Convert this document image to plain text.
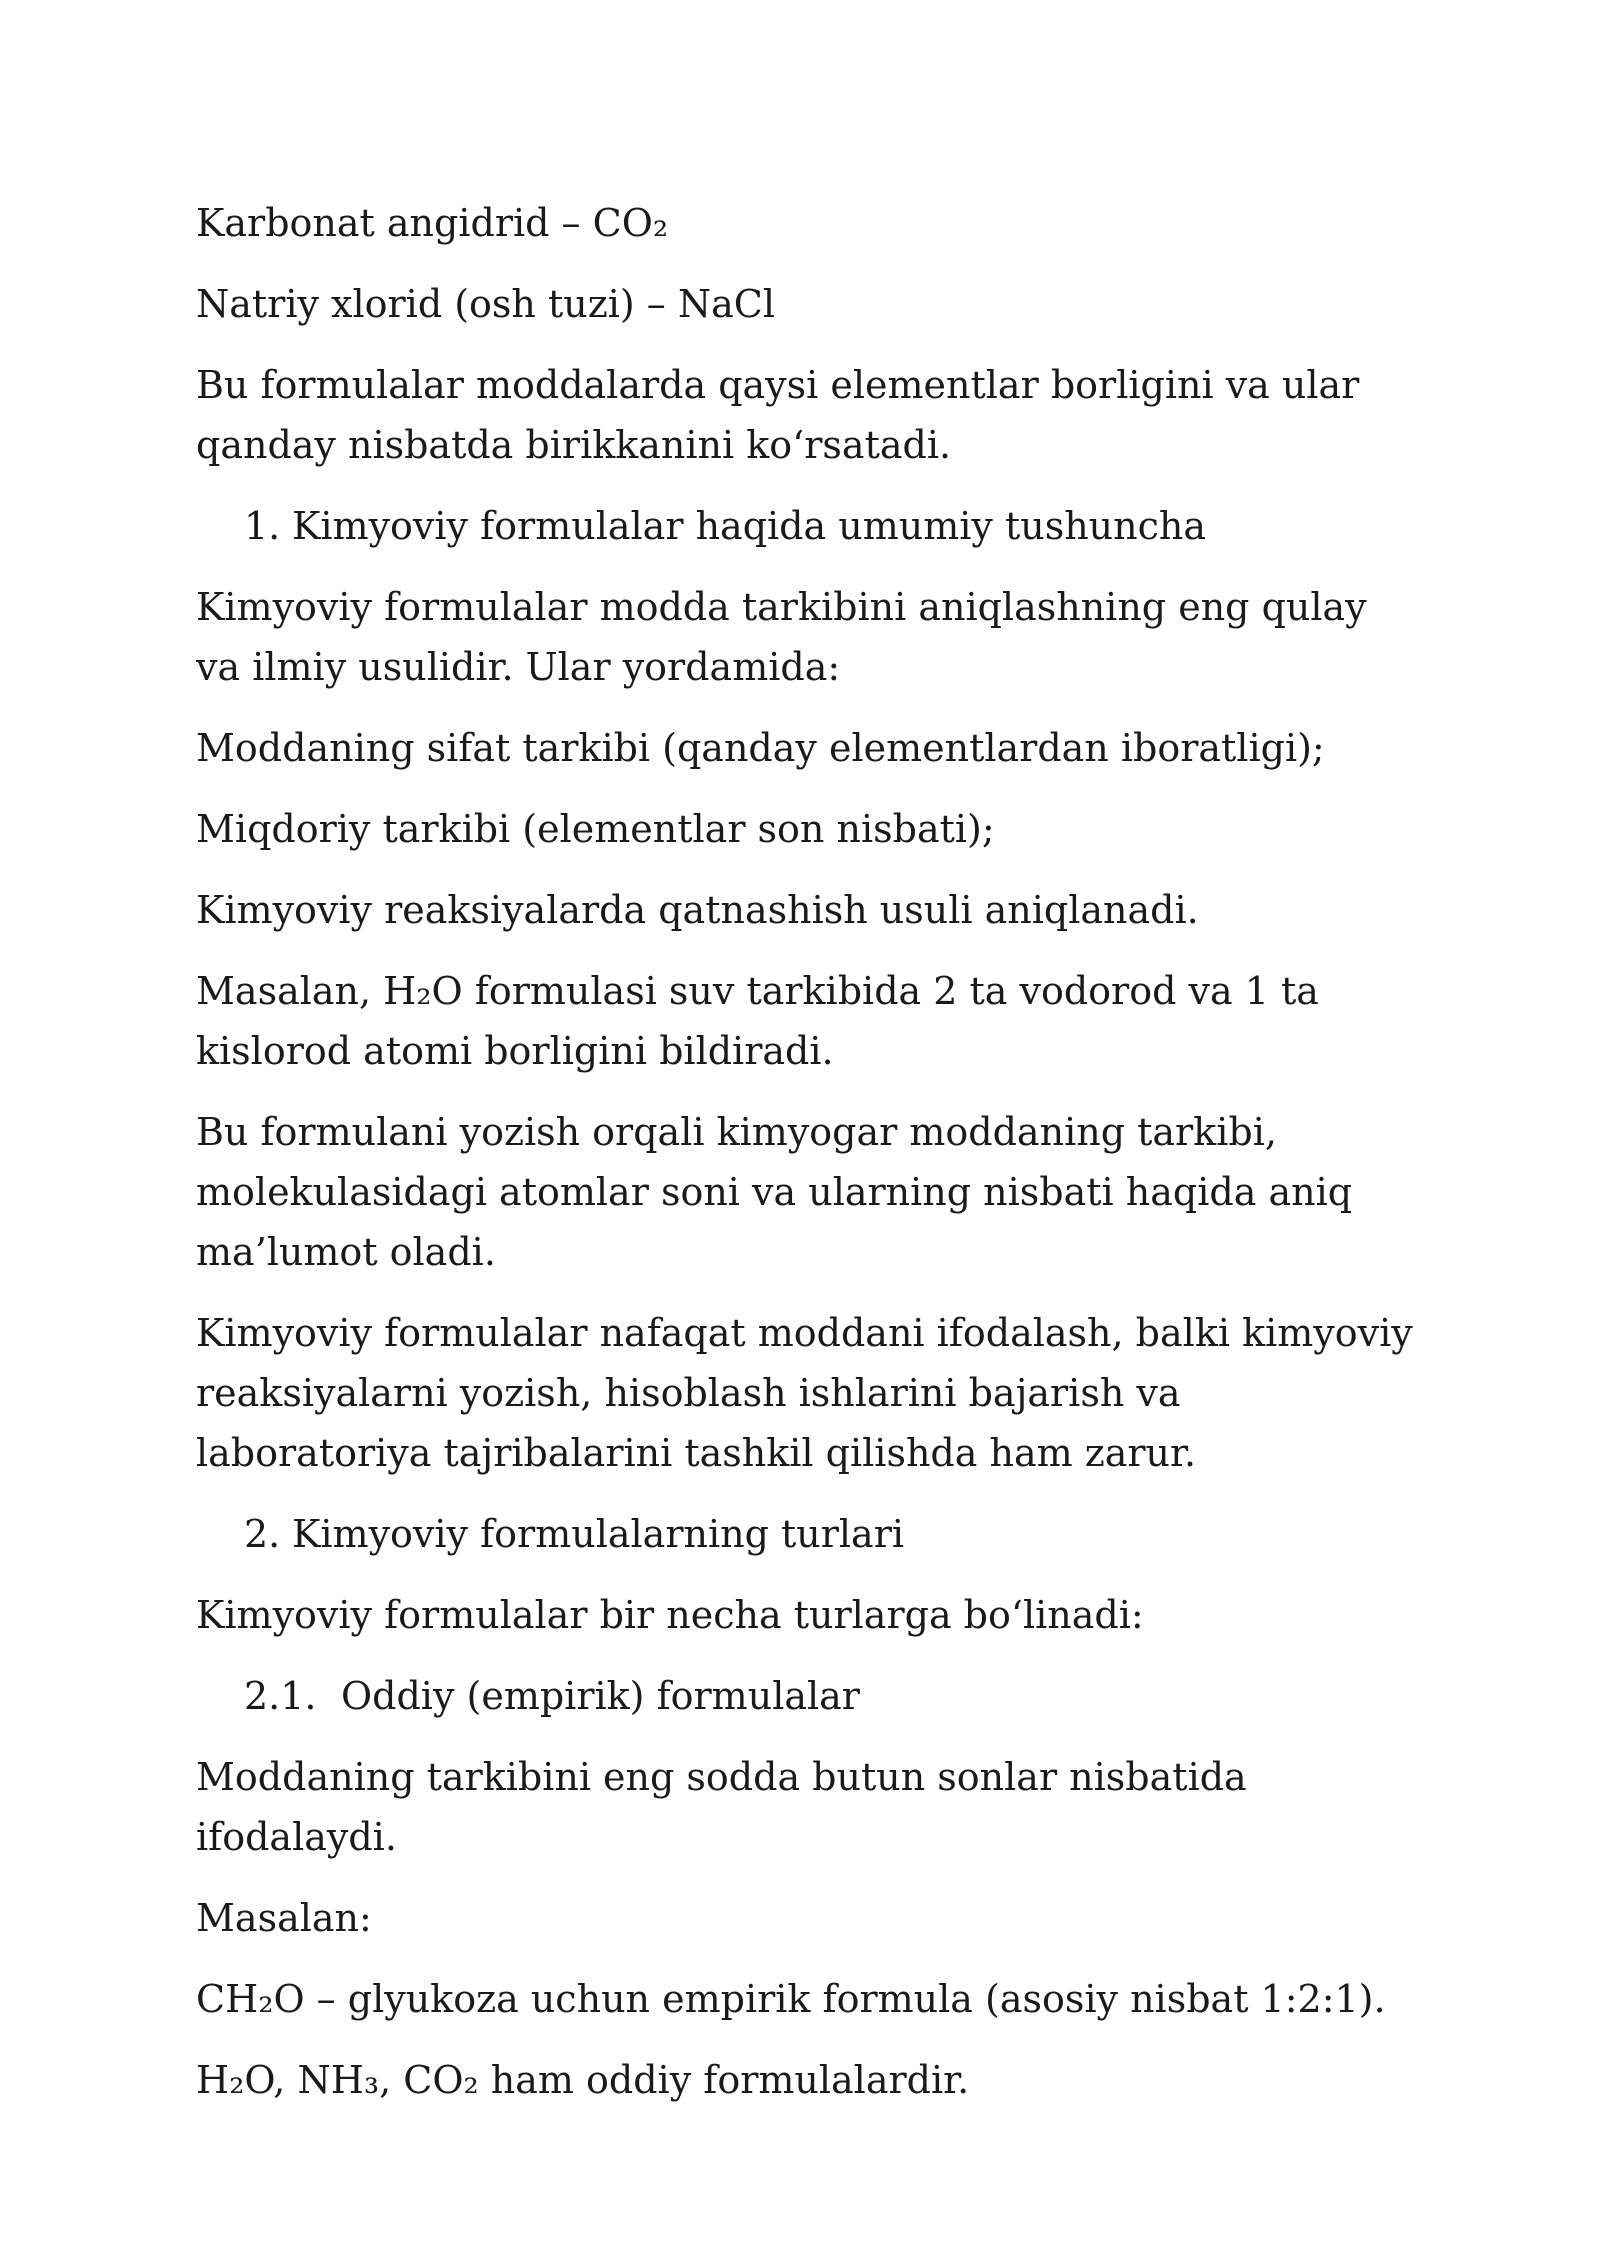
Karbonat angidrid – CO₂

Natriy xlorid (osh tuzi) – NaCl

Bu formulalar moddalarda qaysi elementlar borligini va ular qanday nisbatda birikkanini ko‘rsatadi.

1. Kimyoviy formulalar haqida umumiy tushuncha

Kimyoviy formulalar modda tarkibini aniqlashning eng qulay va ilmiy usulidir. Ular yordamida:

Moddaning sifat tarkibi (qanday elementlardan iboratligi);

Miqdoriy tarkibi (elementlar son nisbati);

Kimyoviy reaksiyalarda qatnashish usuli aniqlanadi.

Masalan, H₂O formulasi suv tarkibida 2 ta vodorod va 1 ta kislorod atomi borligini bildiradi.

Bu formulani yozish orqali kimyogar moddaning tarkibi, molekulasidagi atomlar soni va ularning nisbati haqida aniq ma’lumot oladi.

Kimyoviy formulalar nafaqat moddani ifodalash, balki kimyoviy reaksiyalarni yozish, hisoblash ishlarini bajarish va laboratoriya tajribalarini tashkil qilishda ham zarur.

2. Kimyoviy formulalarning turlari

Kimyoviy formulalar bir necha turlarga bo‘linadi:

2.1. Oddiy (empirik) formulalar

Moddaning tarkibini eng sodda butun sonlar nisbatida ifodalaydi.

Masalan:

CH₂O – glyukoza uchun empirik formula (asosiy nisbat 1:2:1).

H₂O, NH₃, CO₂ ham oddiy formulalardir.
